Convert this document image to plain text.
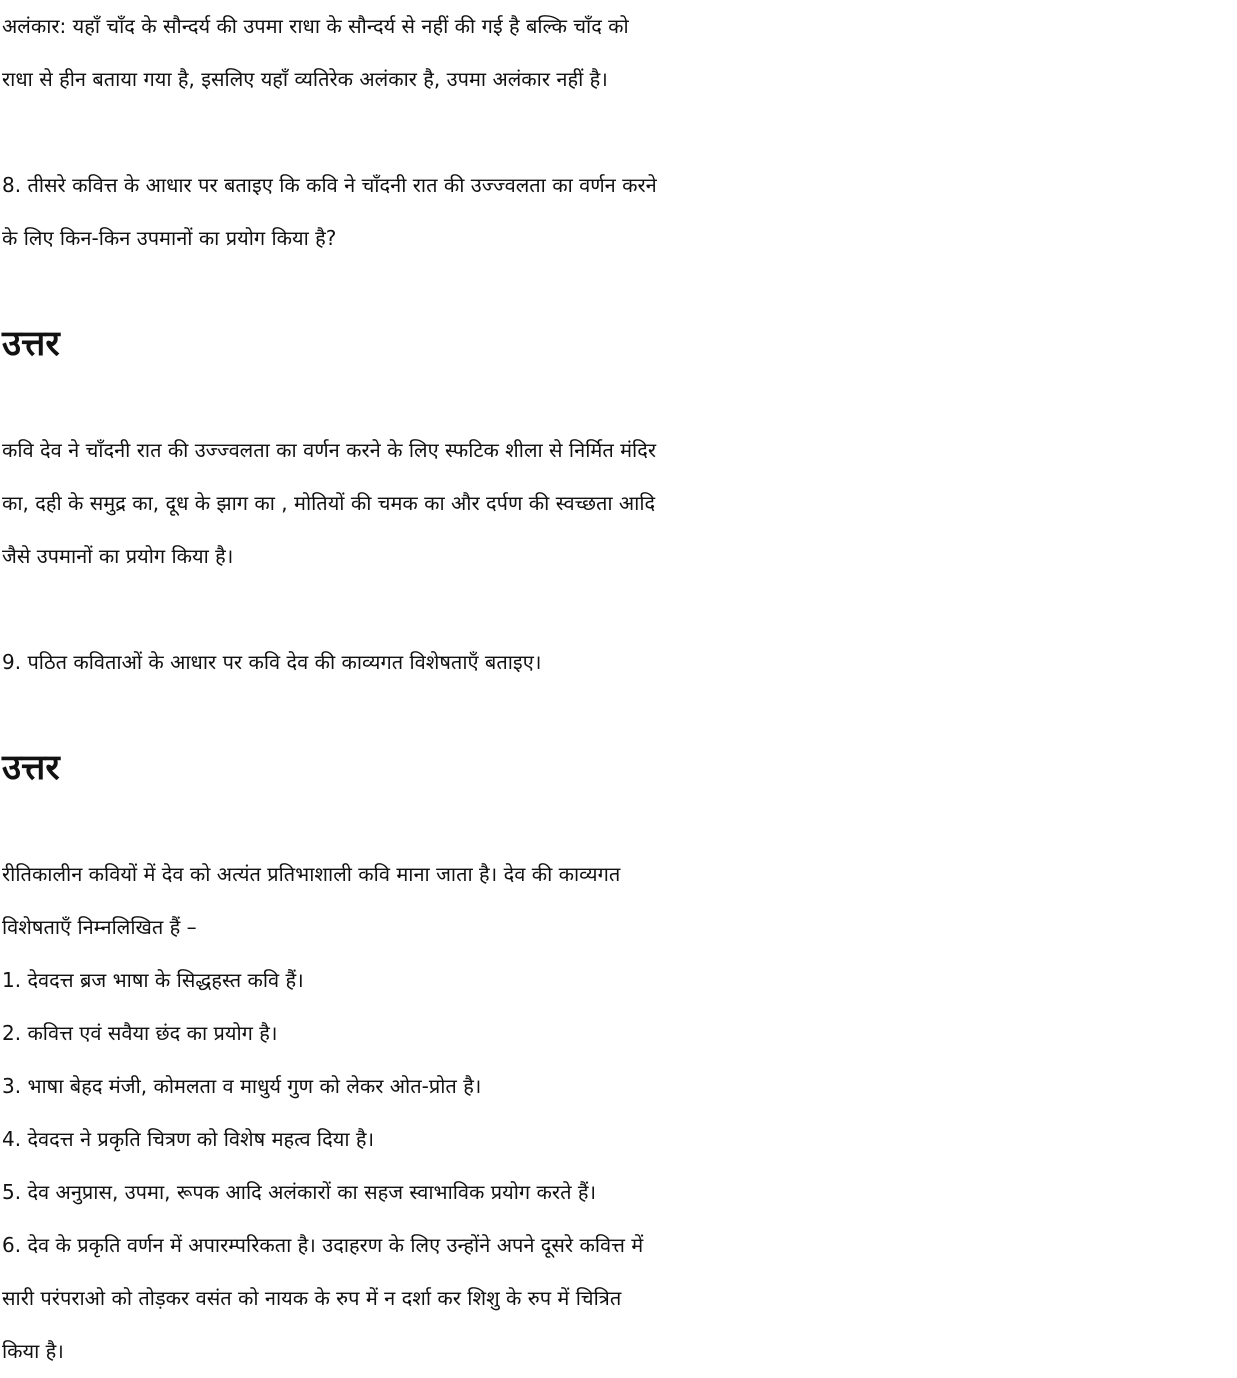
अलंकार: यहाँ चाँद के सौन्दर्य की उपमा राधा के सौन्दर्य से नहीं की गई है बल्कि चाँद को
राधा से हीन बताया गया है, इसलिए यहाँ व्यतिरेक अलंकार है, उपमा अलंकार नहीं है।
8. तीसरे कवित्त के आधार पर बताइए कि कवि ने चाँदनी रात की उज्ज्वलता का वर्णन करने
के लिए किन-किन उपमानों का प्रयोग किया है?
उत्तर
कवि देव ने चाँदनी रात की उज्ज्वलता का वर्णन करने के लिए स्फटिक शीला से निर्मित मंदिर
का, दही के समुद्र का, दूध के झाग का , मोतियों की चमक का और दर्पण की स्वच्छता आदि
जैसे उपमानों का प्रयोग किया है।
9. पठित कविताओं के आधार पर कवि देव की काव्यगत विशेषताएँ बताइए।
उत्तर
रीतिकालीन कवियों में देव को अत्यंत प्रतिभाशाली कवि माना जाता है। देव की काव्यगत
विशेषताएँ निम्नलिखित हैं –
1. देवदत्त ब्रज भाषा के सिद्धहस्त कवि हैं।
2. कवित्त एवं सवैया छंद का प्रयोग है।
3. भाषा बेहद मंजी, कोमलता व माधुर्य गुण को लेकर ओत-प्रोत है।
4. देवदत्त ने प्रकृति चित्रण को विशेष महत्व दिया है।
5. देव अनुप्रास, उपमा, रूपक आदि अलंकारों का सहज स्वाभाविक प्रयोग करते हैं।
6. देव के प्रकृति वर्णन में अपारम्परिकता है। उदाहरण के लिए उन्होंने अपने दूसरे कवित्त में
सारी परंपराओ को तोड़कर वसंत को नायक के रुप में न दर्शा कर शिशु के रुप में चित्रित
किया है।
